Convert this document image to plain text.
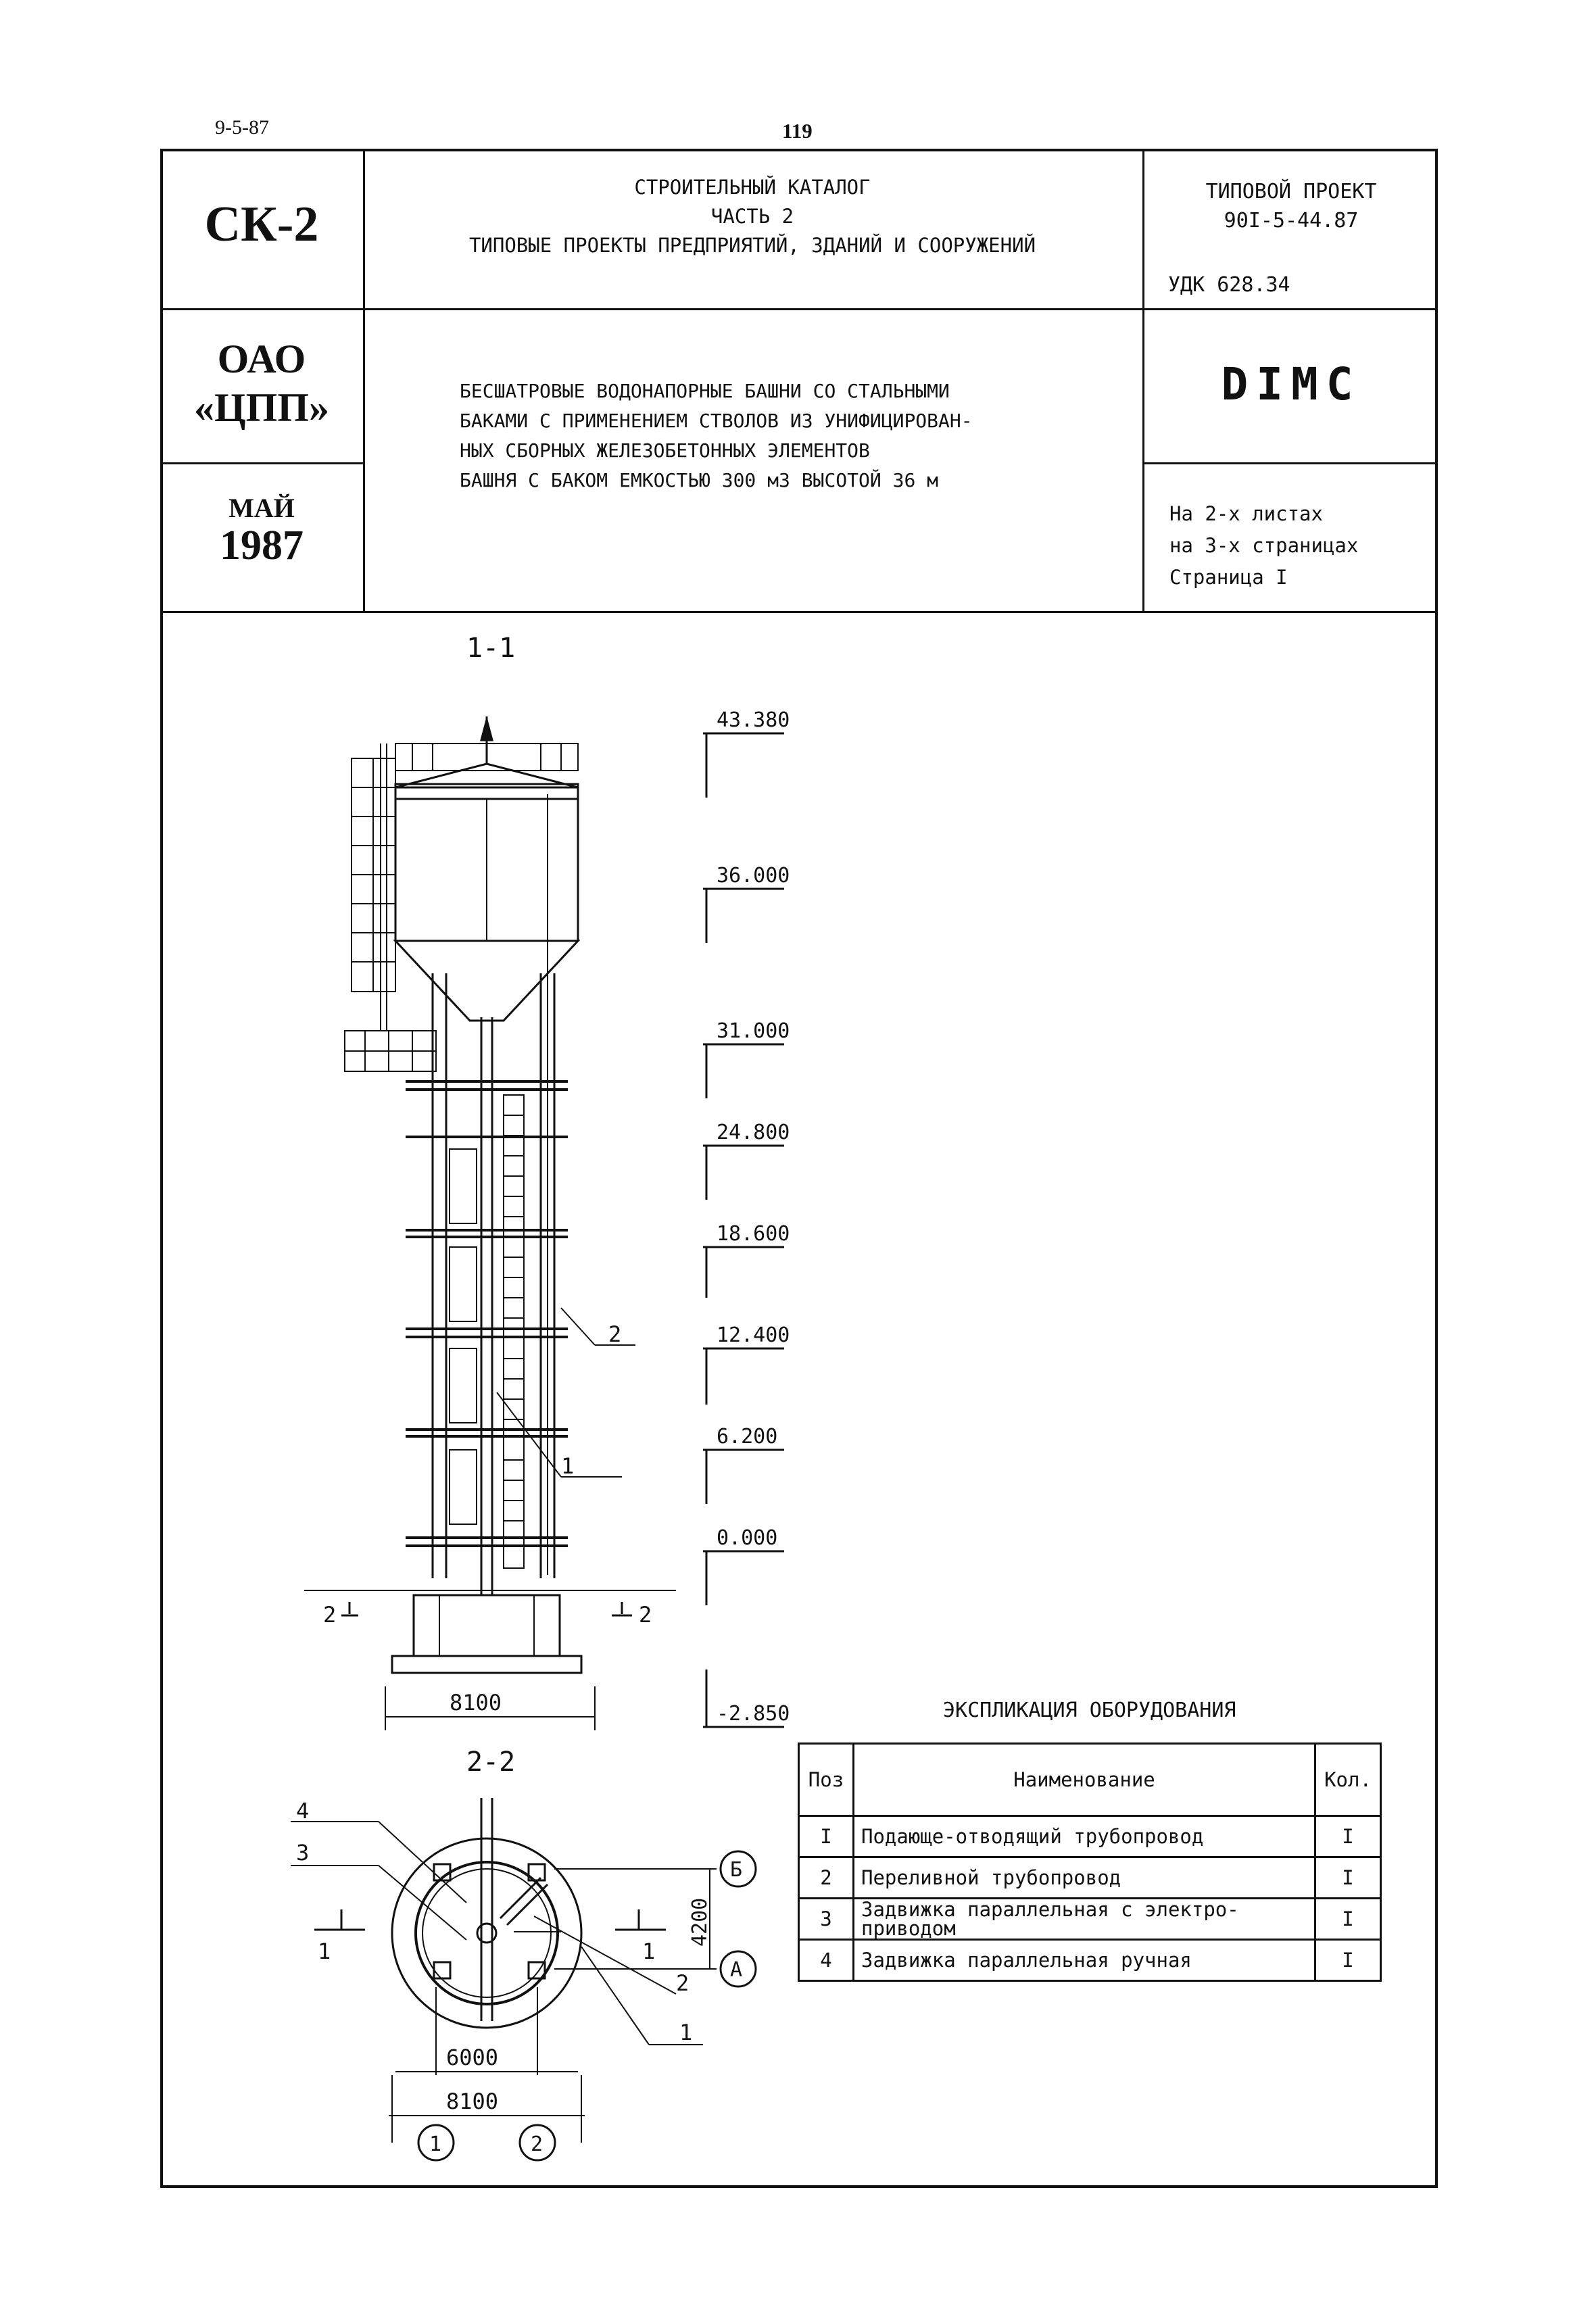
9-5-87	119
СК-2
ОАО
«ЦПП»
МАЙ
1987
СТРОИТЕЛЬНЫЙ КАТАЛОГ
ЧАСТЬ 2
ТИПОВЫЕ ПРОЕКТЫ ПРЕДПРИЯТИЙ, ЗДАНИЙ И СООРУЖЕНИЙ
ТИПОВОЙ ПРОЕКТ
90I-5-44.87
УДК 628.34
DIMC
БЕСШАТРОВЫЕ ВОДОНАПОРНЫЕ БАШНИ СО СТАЛЬНЫМИ
БАКАМИ С ПРИМЕНЕНИЕМ СТВОЛОВ ИЗ УНИФИЦИРОВАН-
НЫХ СБОРНЫХ ЖЕЛЕЗОБЕТОННЫХ ЭЛЕМЕНТОВ
БАШНЯ С БАКОМ ЕМКОСТЬЮ 300 м3 ВЫСОТОЙ 36 м
На 2-х листах
на 3-х страницах
Страница I
1-1
2	2
43.380
36.000
31.000
24.800
18.600
12.400
6.200
0.000
-2.850
2
1
8100
2-2
4
3
1
2
1	1
Б
А
4200
6000
8100
1	2
ЭКСПЛИКАЦИЯ ОБОРУДОВАНИЯ
Поз	Наименование	Кол.
I	Подающе-отводящий трубопровод	I
2	Переливной трубопровод	I
3	Задвижка параллельная с электро-приводом	I
4	Задвижка параллельная ручная	I
